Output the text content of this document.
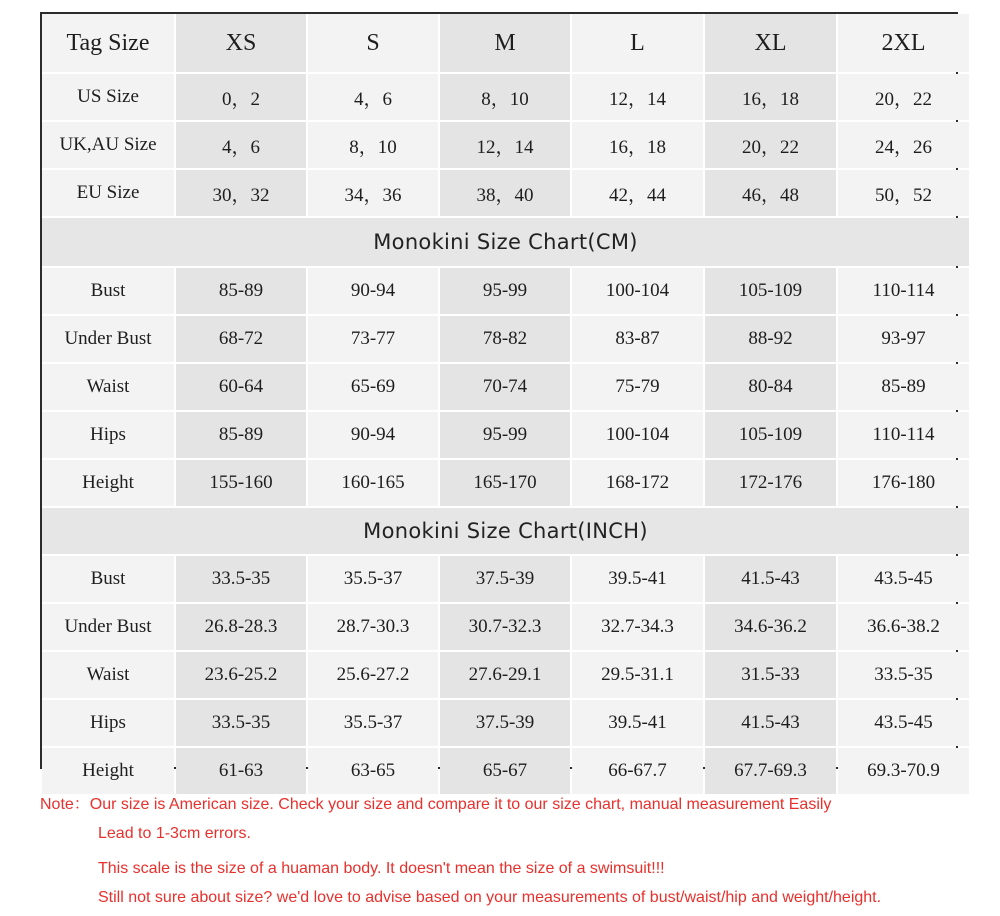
Tag Size	XS	S	M	L	XL	2XL
US Size	0，2	4，6	8，10	12，14	16，18	20，22
UK,AU Size	4，6	8，10	12，14	16，18	20，22	24，26
EU Size	30，32	34，36	38，40	42，44	46，48	50，52
Monokini Size Chart(CM)
Bust	85-89	90-94	95-99	100-104	105-109	110-114
Under Bust	68-72	73-77	78-82	83-87	88-92	93-97
Waist	60-64	65-69	70-74	75-79	80-84	85-89
Hips	85-89	90-94	95-99	100-104	105-109	110-114
Height	155-160	160-165	165-170	168-172	172-176	176-180
Monokini Size Chart(INCH)
Bust	33.5-35	35.5-37	37.5-39	39.5-41	41.5-43	43.5-45
Under Bust	26.8-28.3	28.7-30.3	30.7-32.3	32.7-34.3	34.6-36.2	36.6-38.2
Waist	23.6-25.2	25.6-27.2	27.6-29.1	29.5-31.1	31.5-33	33.5-35
Hips	33.5-35	35.5-37	37.5-39	39.5-41	41.5-43	43.5-45
Height	61-63	63-65	65-67	66-67.7	67.7-69.3	69.3-70.9
Note：Our size is American size. Check your size and compare it to our size chart, manual measurement Easily
Lead to 1-3cm errors.
This scale is the size of a huaman body. It doesn't mean the size of a swimsuit!!!
Still not sure about size? we'd love to advise based on your measurements of bust/waist/hip and weight/height.
